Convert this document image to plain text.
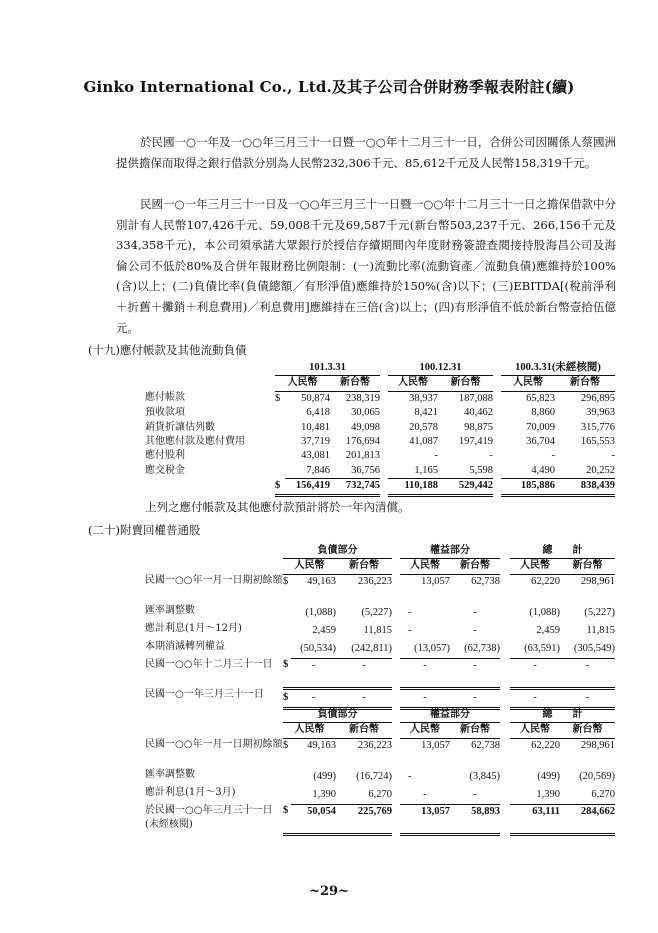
Ginko International Co., Ltd.及其子公司合併財務季報表附註(續)

於民國一○一年及一○○年三月三十一日暨一○○年十二月三十一日，合併公司因關係人蔡國洲提供擔保而取得之銀行借款分別為人民幣232,306千元、85,612千元及人民幣158,319千元。

民國一○一年三月三十一日及一○○年三月三十一日暨一○○年十二月三十一日之擔保借款中分別計有人民幣107,426千元、59,008千元及69,587千元(新台幣503,237千元、266,156千元及334,358千元)，本公司須承諾大眾銀行於授信存續期間內年度財務簽證查閱接持股海昌公司及海倫公司不低於80%及合併年報財務比例限制：(一)流動比率(流動資產／流動負債)應維持於100%(含)以上；(二)負債比率(負債總額／有形淨值)應維持於150%(含)以下；(三)EBITDA[(稅前淨利＋折舊＋攤銷＋利息費用)／利息費用]應維持在三倍(含)以上；(四)有形淨值不低於新台幣壹拾伍億元。

(十九)應付帳款及其他流動負債
	101.3.31				100.12.31			100.3.31(未經核閱)	
	人民幣		新台幣		人民幣	新台幣		人民幣	新台幣
應付帳款	$	50,874	238,319		38,937	187,088		65,823	296,895
預收款項		6,418	30,065		8,421	40,462		8,860	39,963
銷貨折讓估列數		10,481	49,098		20,578	98,875		70,009	315,776
其他應付款及應付費用		37,719	176,694		41,087	197,419		36,704	165,553
應付股利		43,081	201,813		-	-		-	-
應交稅金		7,846	36,756		1,165	5,598		4,490	20,252
	$	156,419	732,745		110,188	529,442		185,886	838,439
上列之應付帳款及其他應付款預計將於一年內清償。
(二十)附賣回權普通股
	負債部分				權益部分			總　　計	
	人民幣		新台幣		人民幣	新台幣		人民幣	新台幣
民國一○○年一月一日期初餘額	$	49,163	236,223		13,057	62,738		62,220	298,961
匯率調整數		(1,088)	(5,227)		-	-		(1,088)	(5,227)
應計利息(1月～12月)		2,459	11,815		-	-		2,459	11,815
本期消滅轉列權益		(50,534)	(242,811)		(13,057)	(62,738)		(63,591)	(305,549)
民國一○○年十二月三十一日	$	-	-		-	-		-	-
民國一○一年三月三十一日	$	-	-		-	-		-	-
	負債部分				權益部分			總　　計	
	人民幣		新台幣		人民幣	新台幣		人民幣	新台幣
民國一○○年一月一日期初餘額	$	49,163	236,223		13,057	62,738		62,220	298,961
匯率調整數		(499)	(16,724)		-	(3,845)		(499)	(20,569)
應計利息(1月～3月)		1,390	6,270		-	-		1,390	6,270
於民國一○○年三月三十一日(未經核閱)	$	50,054	225,769		13,057	58,893		63,111	284,662
~29~
